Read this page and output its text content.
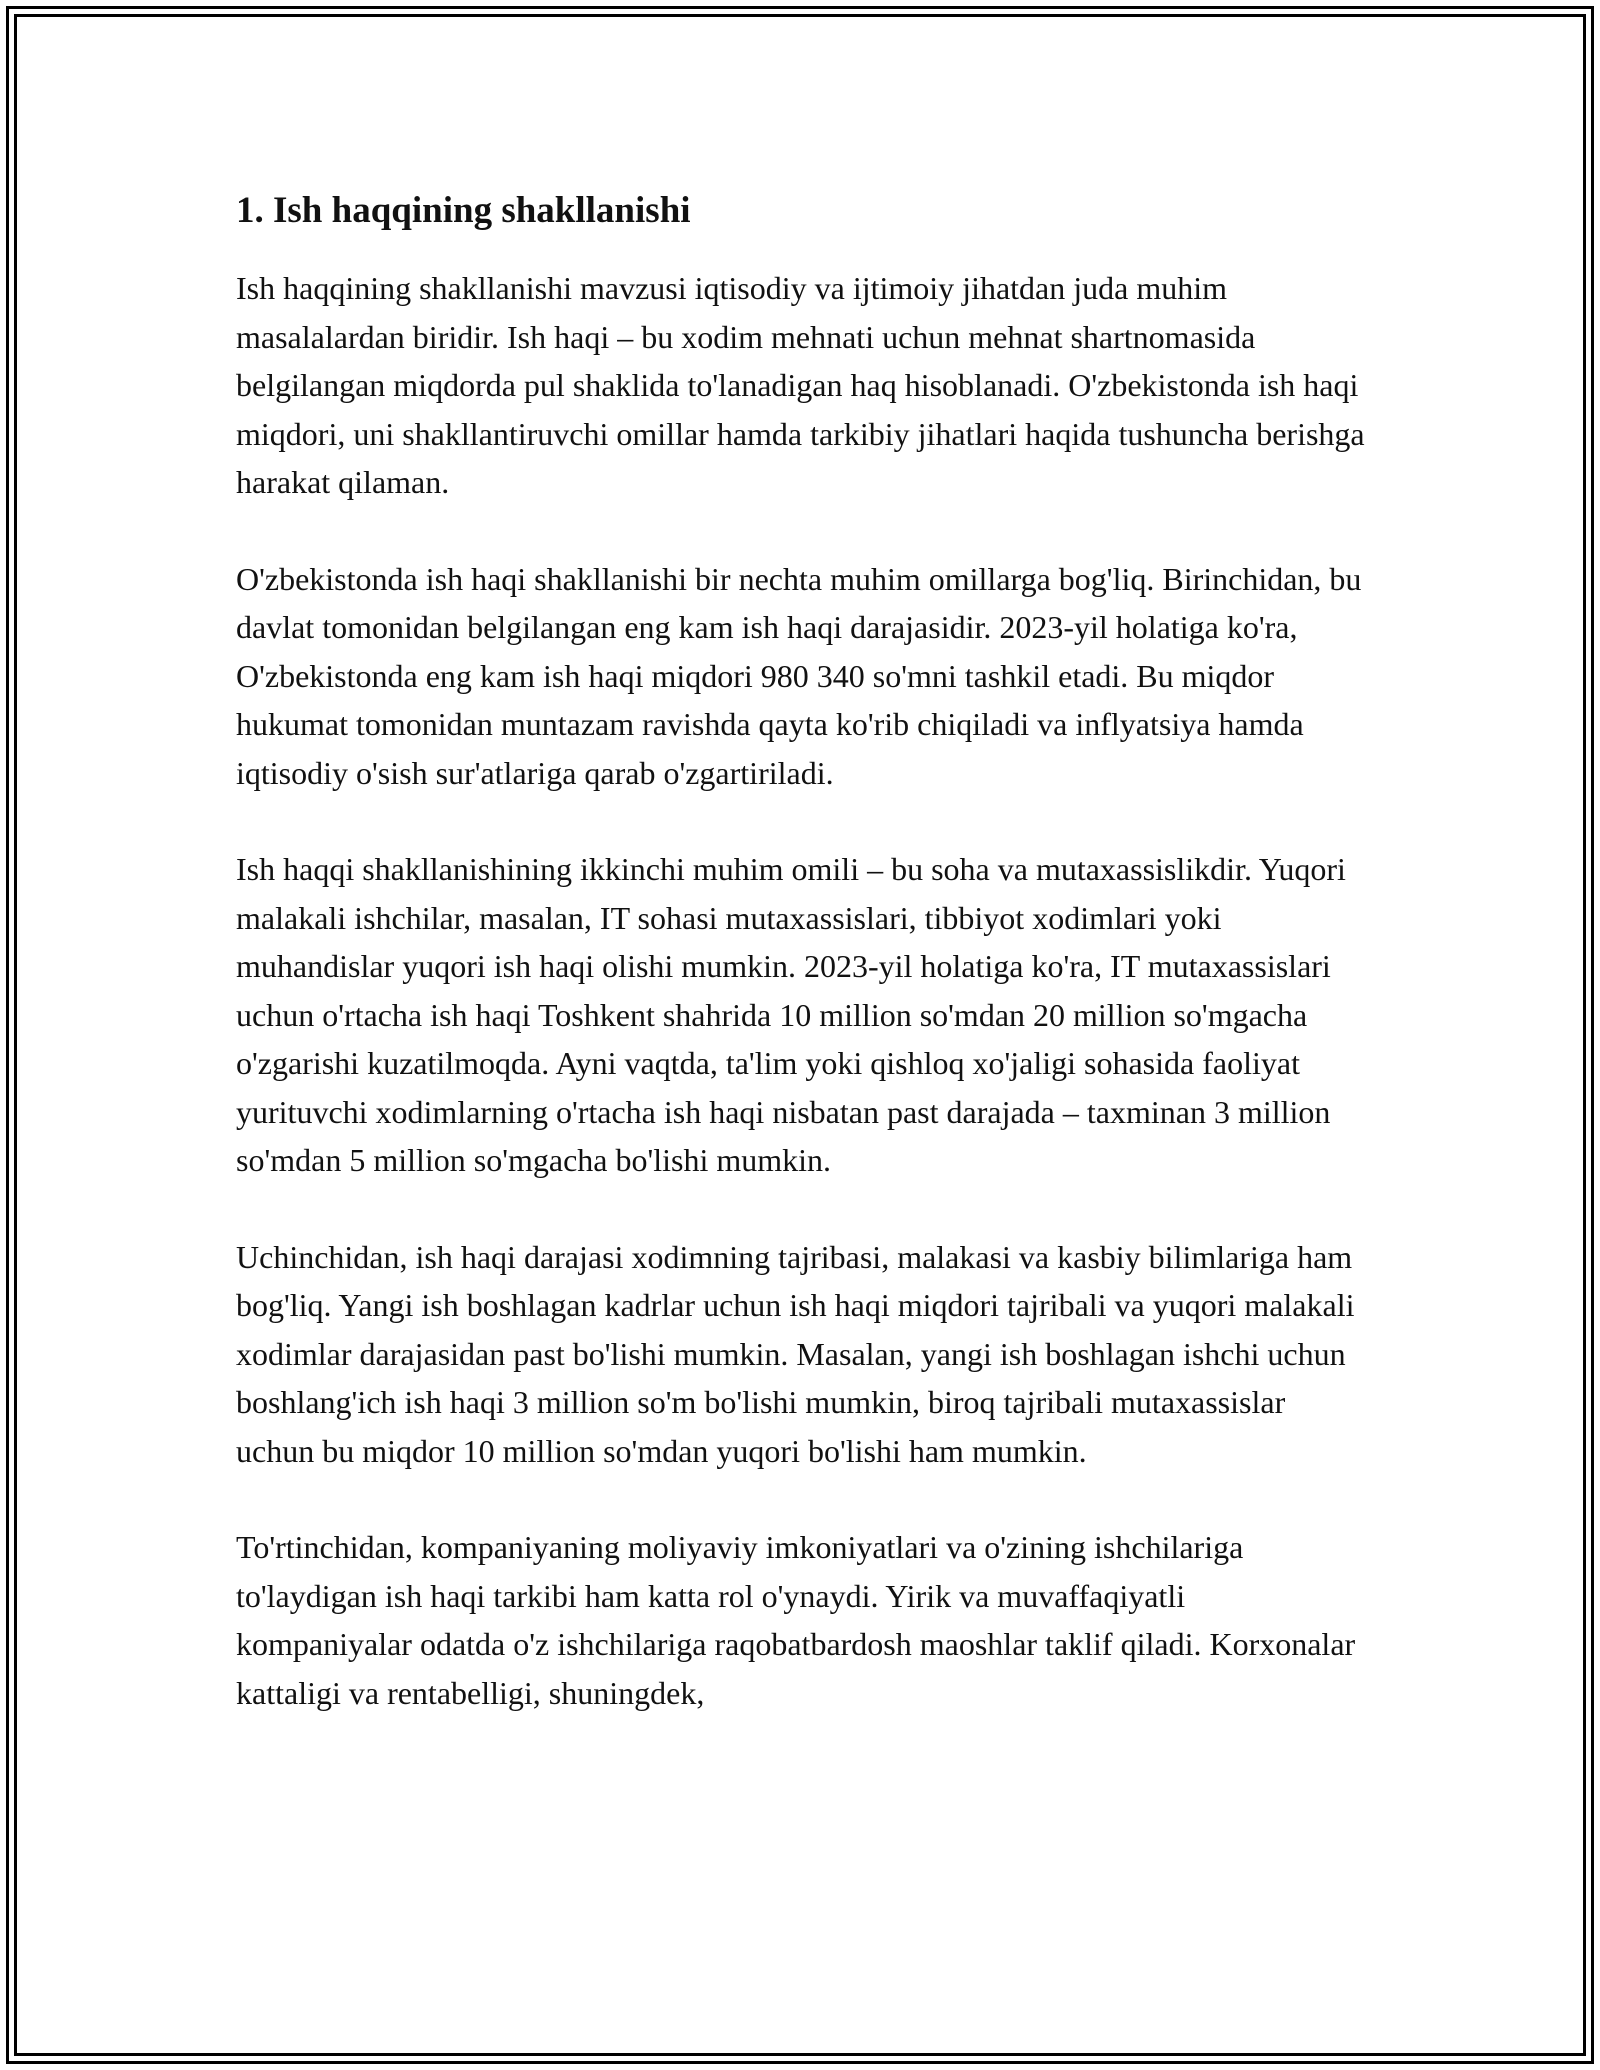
1. Ish haqqining shakllanishi

Ish haqqining shakllanishi mavzusi iqtisodiy va ijtimoiy jihatdan juda muhim masalalardan biridir. Ish haqi – bu xodim mehnati uchun mehnat shartnomasida belgilangan miqdorda pul shaklida to'lanadigan haq hisoblanadi. O'zbekistonda ish haqi miqdori, uni shakllantiruvchi omillar hamda tarkibiy jihatlari haqida tushuncha berishga harakat qilaman.

O'zbekistonda ish haqi shakllanishi bir nechta muhim omillarga bog'liq. Birinchidan, bu davlat tomonidan belgilangan eng kam ish haqi darajasidir. 2023-yil holatiga ko'ra, O'zbekistonda eng kam ish haqi miqdori 980 340 so'mni tashkil etadi. Bu miqdor hukumat tomonidan muntazam ravishda qayta ko'rib chiqiladi va inflyatsiya hamda iqtisodiy o'sish sur'atlariga qarab o'zgartiriladi.

Ish haqqi shakllanishining ikkinchi muhim omili – bu soha va mutaxassislikdir. Yuqori malakali ishchilar, masalan, IT sohasi mutaxassislari, tibbiyot xodimlari yoki muhandislar yuqori ish haqi olishi mumkin. 2023-yil holatiga ko'ra, IT mutaxassislari uchun o'rtacha ish haqi Toshkent shahrida 10 million so'mdan 20 million so'mgacha o'zgarishi kuzatilmoqda. Ayni vaqtda, ta'lim yoki qishloq xo'jaligi sohasida faoliyat yurituvchi xodimlarning o'rtacha ish haqi nisbatan past darajada – taxminan 3 million so'mdan 5 million so'mgacha bo'lishi mumkin.

Uchinchidan, ish haqi darajasi xodimning tajribasi, malakasi va kasbiy bilimlariga ham bog'liq. Yangi ish boshlagan kadrlar uchun ish haqi miqdori tajribali va yuqori malakali xodimlar darajasidan past bo'lishi mumkin. Masalan, yangi ish boshlagan ishchi uchun boshlang'ich ish haqi 3 million so'm bo'lishi mumkin, biroq tajribali mutaxassislar uchun bu miqdor 10 million so'mdan yuqori bo'lishi ham mumkin.

To'rtinchidan, kompaniyaning moliyaviy imkoniyatlari va o'zining ishchilariga to'laydigan ish haqi tarkibi ham katta rol o'ynaydi. Yirik va muvaffaqiyatli kompaniyalar odatda o'z ishchilariga raqobatbardosh maoshlar taklif qiladi. Korxonalar kattaligi va rentabelligi, shuningdek,
